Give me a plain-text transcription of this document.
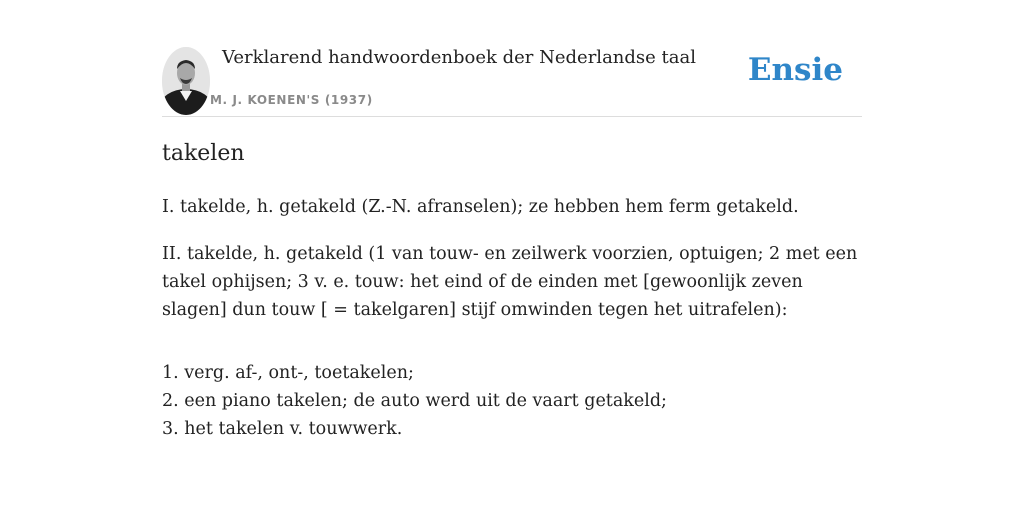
Verklarend handwoordenboek der Nederlandse taal
M. J. KOENEN'S (1937)
Ensie
takelen

I. takelde, h. getakeld (Z.-N. afranselen); ze hebben hem ferm getakeld.

II. takelde, h. getakeld (1 van touw- en zeilwerk voorzien, optuigen; 2 met een takel ophijsen; 3 v. e. touw: het eind of de einden met [gewoonlijk zeven slagen] dun touw [ = takelgaren] stijf omwinden tegen het uitrafelen):

1. verg. af-, ont-, toetakelen;
2. een piano takelen; de auto werd uit de vaart getakeld;
3. het takelen v. touwwerk.
